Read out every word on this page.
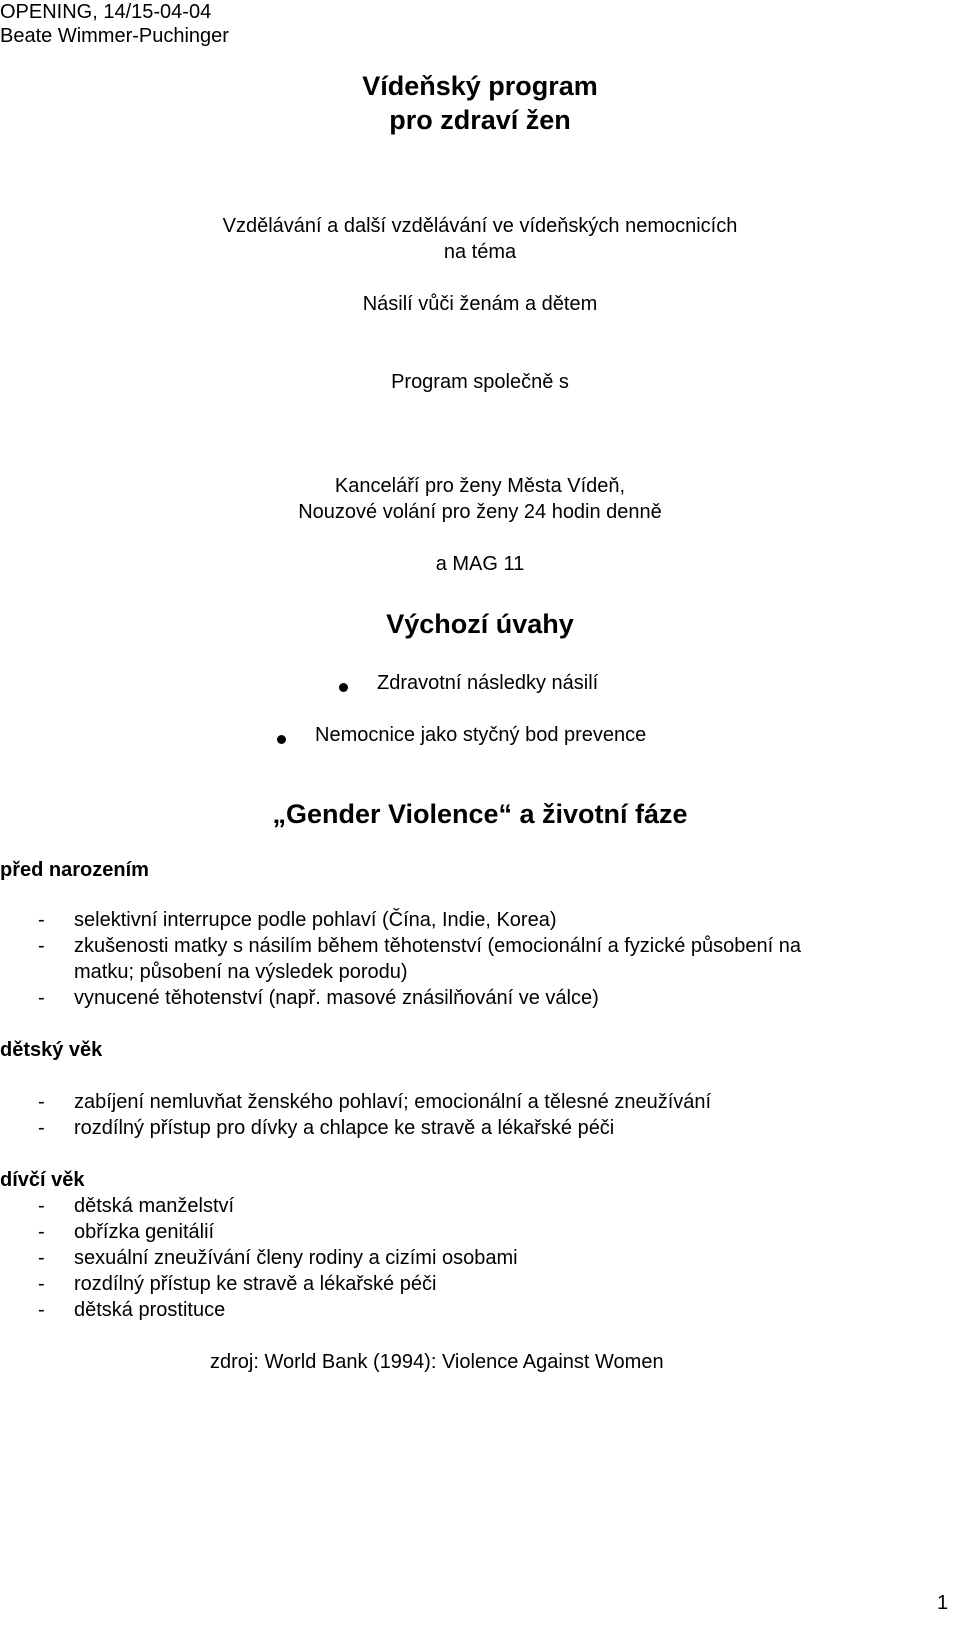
OPENING, 14/15-04-04
Beate Wimmer-Puchinger
Vídeňský program
pro zdraví žen
Vzdělávání a další vzdělávání ve vídeňských nemocnicích
na téma
Násilí vůči ženám a dětem
Program společně s
Kanceláří pro ženy Města Vídeň,
Nouzové volání pro ženy 24 hodin denně
a MAG 11
Výchozí úvahy
Zdravotní následky násilí
Nemocnice jako styčný bod prevence
„Gender Violence“ a životní fáze
před narozením
- selektivní interrupce podle pohlaví (Čína, Indie, Korea)
- zkušenosti matky s násilím během těhotenství (emocionální a fyzické působení na
matku; působení na výsledek porodu)
- vynucené těhotenství (např. masové znásilňování ve válce)
dětský věk
- zabíjení nemluvňat ženského pohlaví; emocionální a tělesné zneužívání
- rozdílný přístup pro dívky a chlapce ke stravě a lékařské péči
dívčí věk
- dětská manželství
- obřízka genitálií
- sexuální zneužívání členy rodiny a cizími osobami
- rozdílný přístup ke stravě a lékařské péči
- dětská prostituce
zdroj: World Bank (1994): Violence Against Women
1
